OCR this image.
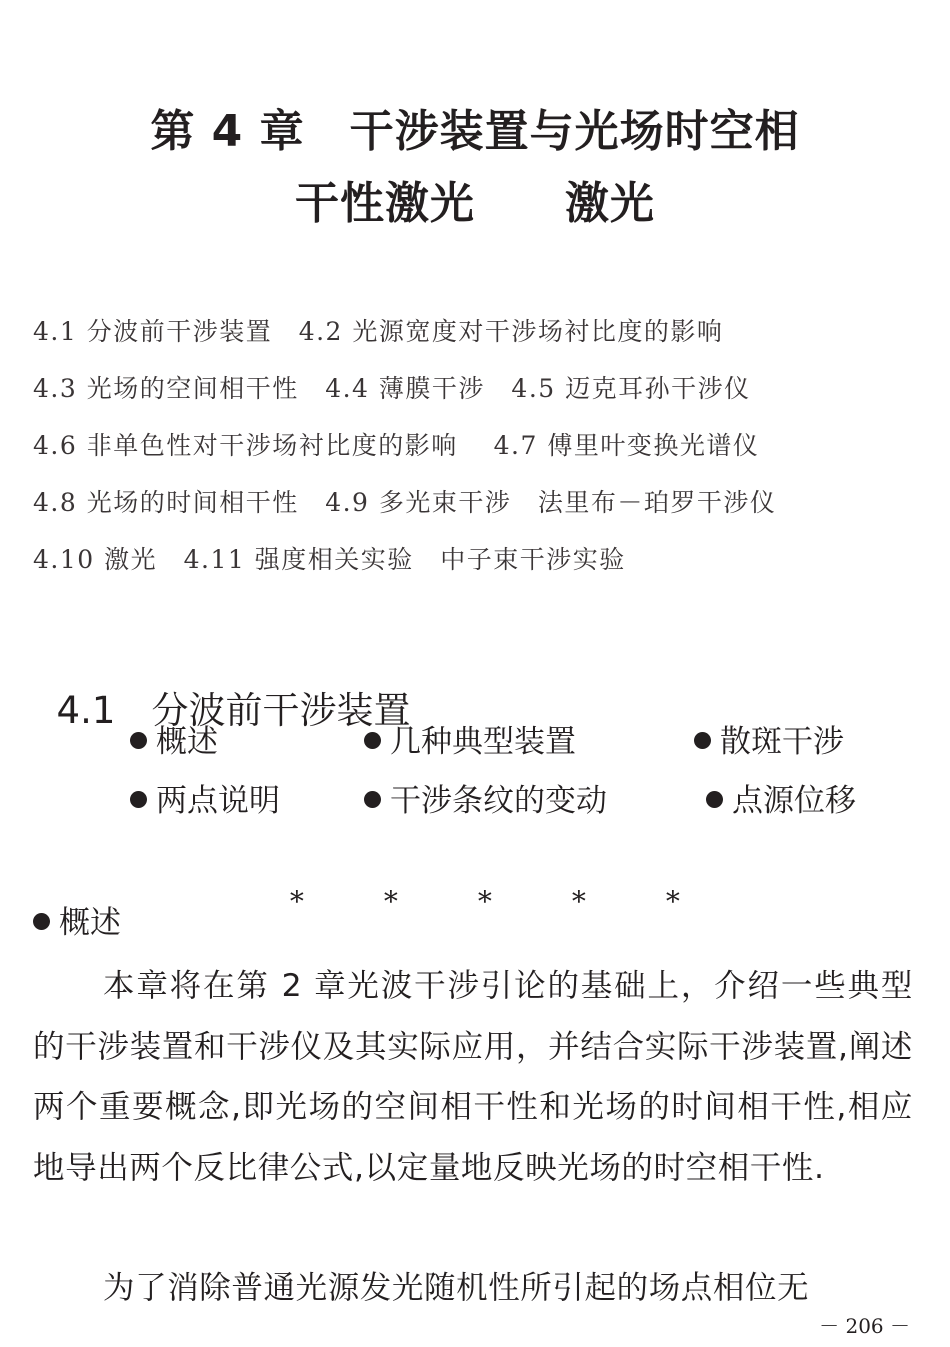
第 4 章　干涉装置与光场时空相
干性激光　　激光
4.1 分波前干涉装置　4.2 光源宽度对干涉场衬比度的影响
4.3 光场的空间相干性　4.4 薄膜干涉　4.5 迈克耳孙干涉仪
4.6 非单色性对干涉场衬比度的影响　 4.7 傅里叶变换光谱仪
4.8 光场的时间相干性　4.9 多光束干涉　法里布－珀罗干涉仪
4.10 激光　4.11 强度相关实验　中子束干涉实验

4.1 分波前干涉装置

概述	几种典型装置	散斑干涉
两点说明	干涉条纹的变动	点源位移

*	*	*	*	*

概述
本章将在第 2 章光波干涉引论的基础上，介绍一些典型的干涉装置和干涉仪及其实际应用，并结合实际干涉装置,阐述两个重要概念,即光场的空间相干性和光场的时间相干性,相应地导出两个反比律公式,以定量地反映光场的时空相干性.
为了消除普通光源发光随机性所引起的场点相位无
－ 206 －
